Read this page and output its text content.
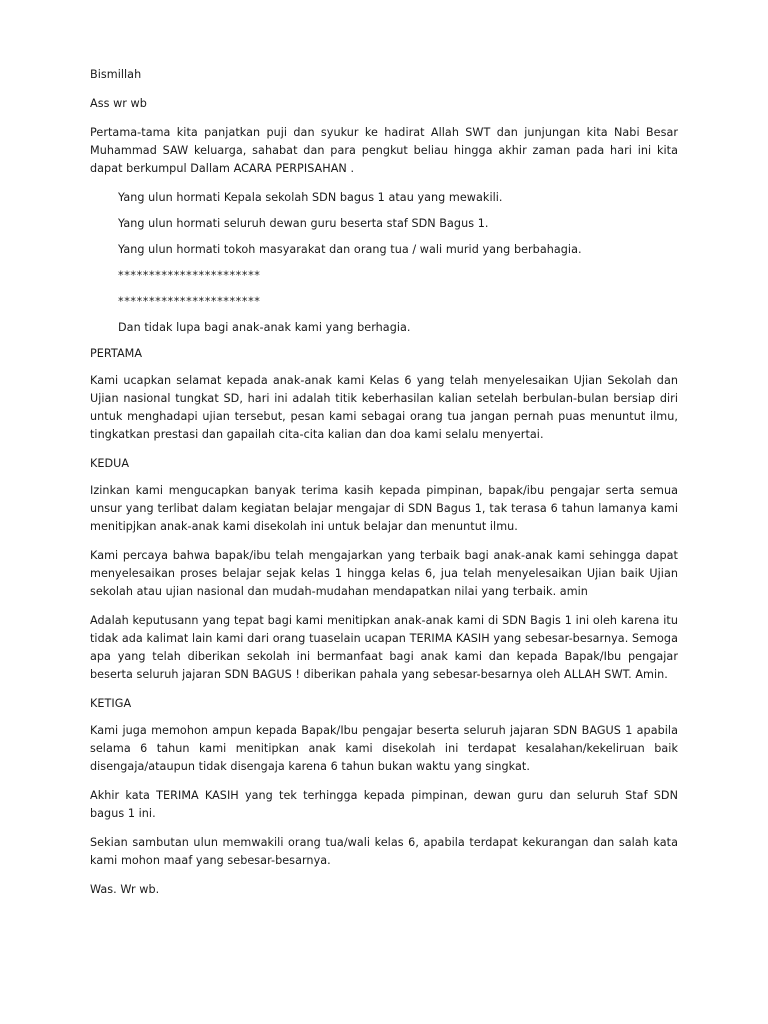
Bismillah

Ass wr wb

Pertama-tama kita panjatkan puji dan syukur ke hadirat Allah SWT dan junjungan kita Nabi Besar Muhammad SAW keluarga, sahabat dan para pengkut beliau hingga akhir zaman pada hari ini kita dapat berkumpul Dallam ACARA PERPISAHAN .

Yang ulun hormati Kepala sekolah SDN bagus 1 atau yang mewakili.

Yang ulun hormati seluruh dewan guru beserta staf SDN Bagus 1.

Yang ulun hormati tokoh masyarakat dan orang tua / wali murid yang berbahagia.

***********************

***********************

Dan tidak lupa bagi anak-anak kami yang berhagia.

PERTAMA

Kami ucapkan selamat kepada anak-anak kami Kelas 6 yang telah menyelesaikan Ujian Sekolah dan Ujian nasional tungkat SD, hari ini adalah titik keberhasilan kalian setelah berbulan-bulan bersiap diri untuk menghadapi ujian tersebut, pesan kami sebagai orang tua jangan pernah puas menuntut ilmu, tingkatkan prestasi dan gapailah cita-cita kalian dan doa kami selalu menyertai.

KEDUA

Izinkan kami mengucapkan banyak terima kasih kepada pimpinan, bapak/ibu pengajar serta semua unsur yang terlibat dalam kegiatan belajar mengajar di SDN Bagus 1, tak terasa 6 tahun lamanya kami menitipjkan anak-anak kami disekolah ini untuk belajar dan menuntut ilmu.

Kami percaya bahwa bapak/ibu telah mengajarkan yang terbaik bagi anak-anak kami sehingga dapat menyelesaikan proses belajar sejak kelas 1 hingga kelas 6, jua telah menyelesaikan Ujian baik Ujian sekolah atau ujian nasional dan mudah-mudahan mendapatkan nilai yang terbaik. amin

Adalah keputusann yang tepat bagi kami menitipkan anak-anak kami di SDN Bagis 1 ini oleh karena itu tidak ada kalimat lain kami dari orang tuaselain ucapan TERIMA KASIH yang sebesar-besarnya. Semoga apa yang telah diberikan sekolah ini bermanfaat bagi anak kami dan kepada Bapak/Ibu pengajar beserta seluruh jajaran SDN BAGUS ! diberikan pahala yang sebesar-besarnya oleh ALLAH SWT. Amin.

KETIGA

Kami juga memohon ampun kepada Bapak/Ibu pengajar beserta seluruh jajaran SDN BAGUS 1 apabila selama 6 tahun kami menitipkan anak kami disekolah ini terdapat kesalahan/kekeliruan baik disengaja/ataupun tidak disengaja karena 6 tahun bukan waktu yang singkat.

Akhir kata TERIMA KASIH yang tek terhingga kepada pimpinan, dewan guru dan seluruh Staf SDN bagus 1 ini.

Sekian sambutan ulun memwakili orang tua/wali kelas 6, apabila terdapat kekurangan dan salah kata kami mohon maaf yang sebesar-besarnya.

Was. Wr wb.
